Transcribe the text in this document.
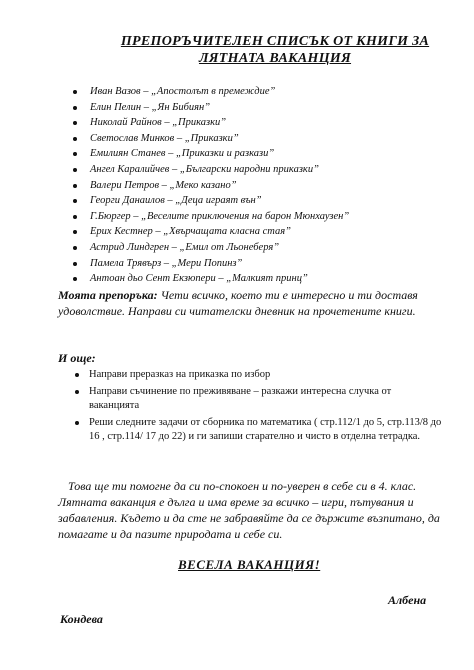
ПРЕПОРЪЧИТЕЛЕН СПИСЪК ОТ КНИГИ ЗА ЛЯТНАТА ВАКАНЦИЯ
Иван Вазов – „Апостолът в премеждие”
Елин Пелин – „Ян Бибиян”
Николай Райнов – „Приказки”
Светослав Минков – „Приказки”
Емилиян Станев – „Приказки и разкази”
Ангел Каралийчев – „Български народни приказки”
Валери Петров – „Меко казано”
Георги Данаилов – „Деца играят вън”
Г.Бюргер – „Веселите приключения на барон Мюнхаузен”
Ерих Кестнер – „Хвърчащата класна стая”
Астрид Линдгрен – „Емил от Льонеберя”
Памела Трявърз – „Мери Попинз”
Антоан дьо Сент Екзюпери – „Малкият принц”
Моята препоръка: Чети всичко, което ти е интересно и ти доставя удоволствие. Направи си читателски дневник на прочетените книги.
И още:
Направи преразказ на приказка по избор
Направи съчинение по преживяване – разкажи интересна случка от ваканцията
Реши следните задачи от сборника по математика ( стр.112/1 до 5, стр.113/8 до 16 , стр.114/ 17 до 22) и ги запиши старателно и чисто в отделна тетрадка.
Това ще ти помогне да си по-спокоен и по-уверен в себе си в 4. клас. Лятната ваканция е дълга и има време за всичко – игри, пътувания и забавления. Където и да сте не забравяйте да се държите възпитано, да помагате и да пазите природата и себе си.
ВЕСЕЛА ВАКАНЦИЯ!
Албена
Кондева
